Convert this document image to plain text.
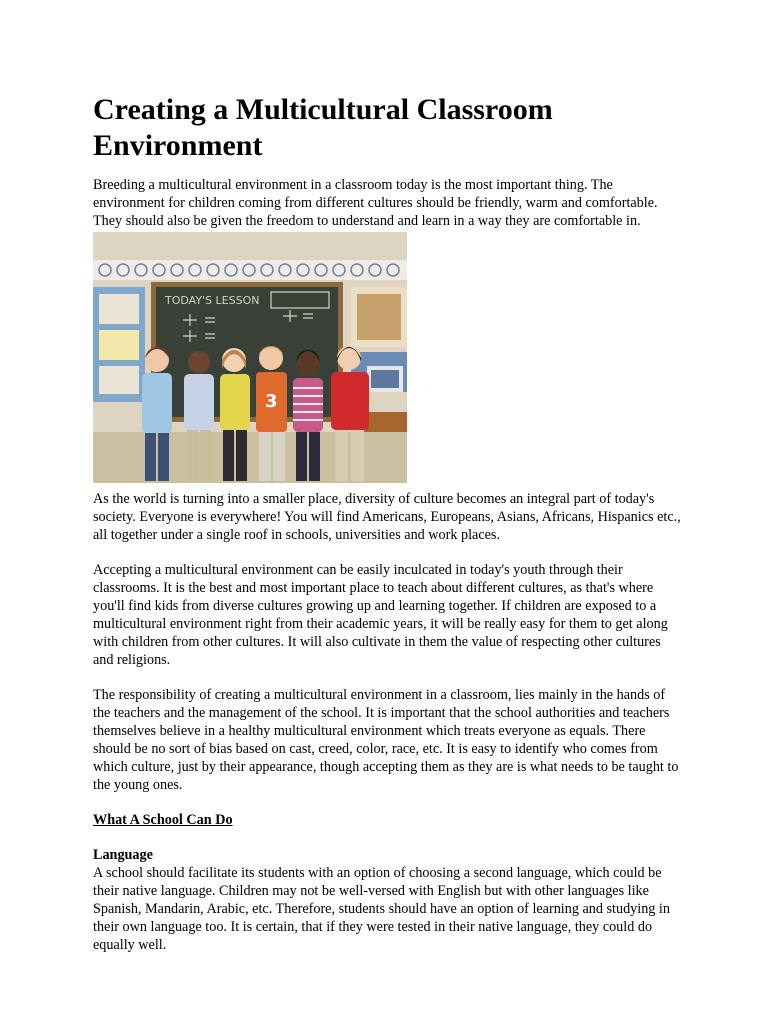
Creating a Multicultural Classroom Environment

Breeding a multicultural environment in a classroom today is the most important thing. The environment for children coming from different cultures should be friendly, warm and comfortable. They should also be given the freedom to understand and learn in a way they are comfortable in.

TODAY'S LESSON
3

As the world is turning into a smaller place, diversity of culture becomes an integral part of today's society. Everyone is everywhere! You will find Americans, Europeans, Asians, Africans, Hispanics etc., all together under a single roof in schools, universities and work places.

Accepting a multicultural environment can be easily inculcated in today's youth through their classrooms. It is the best and most important place to teach about different cultures, as that's where you'll find kids from diverse cultures growing up and learning together. If children are exposed to a multicultural environment right from their academic years, it will be really easy for them to get along with children from other cultures. It will also cultivate in them the value of respecting other cultures and religions.

The responsibility of creating a multicultural environment in a classroom, lies mainly in the hands of the teachers and the management of the school. It is important that the school authorities and teachers themselves believe in a healthy multicultural environment which treats everyone as equals. There should be no sort of bias based on cast, creed, color, race, etc. It is easy to identify who comes from which culture, just by their appearance, though accepting them as they are is what needs to be taught to the young ones.

What A School Can Do

Language

A school should facilitate its students with an option of choosing a second language, which could be their native language. Children may not be well-versed with English but with other languages like Spanish, Mandarin, Arabic, etc. Therefore, students should have an option of learning and studying in their own language too. It is certain, that if they were tested in their native language, they could do equally well.
